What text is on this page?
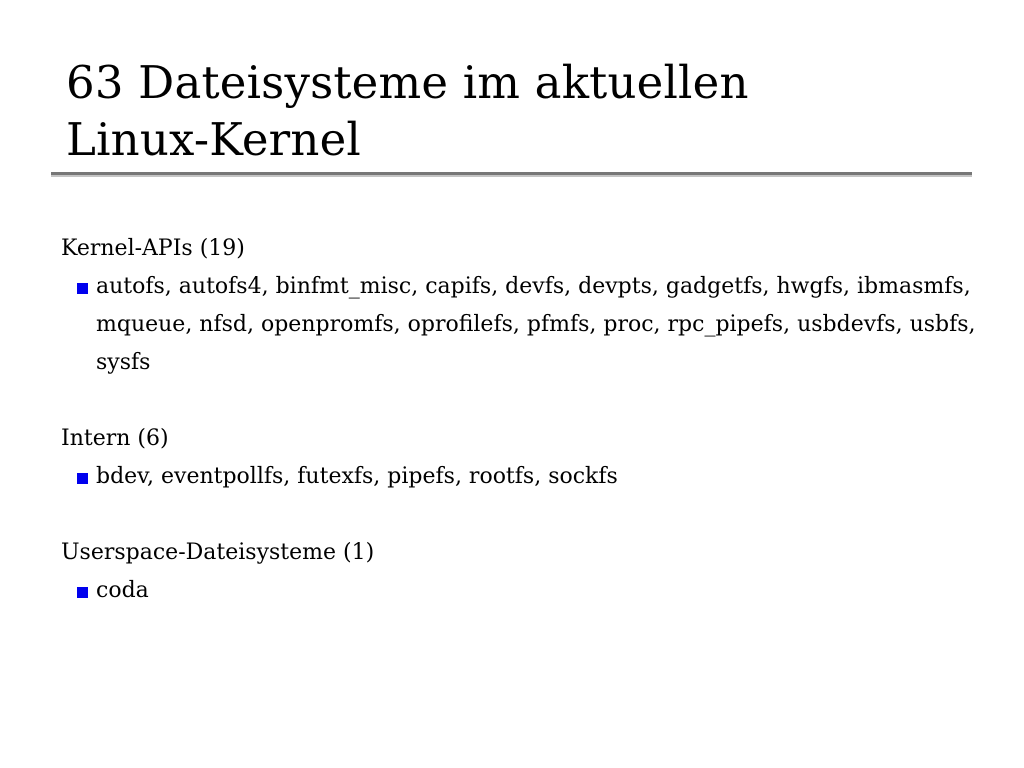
63 Dateisysteme im aktuellen
Linux-Kernel

Kernel-APIs (19)

autofs, autofs4, binfmt_misc, capifs, devfs, devpts, gadgetfs, hwgfs, ibmasmfs, mqueue, nfsd, openpromfs, oprofilefs, pfmfs, proc, rpc_pipefs, usbdevfs, usbfs, sysfs

Intern (6)

bdev, eventpollfs, futexfs, pipefs, rootfs, sockfs

Userspace-Dateisysteme (1)

coda
